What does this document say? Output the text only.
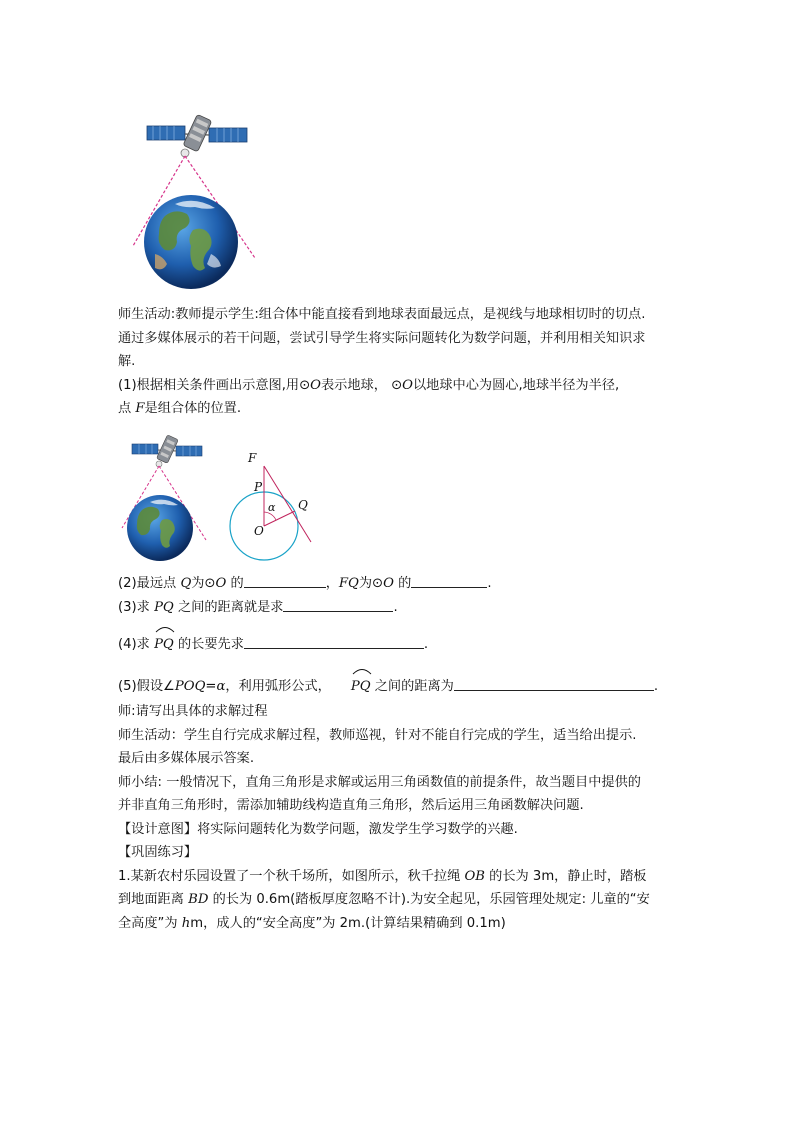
师生活动:教师提示学生:组合体中能直接看到地球表面最远点，是视线与地球相切时的切点.

通过多媒体展示的若干问题，尝试引导学生将实际问题转化为数学问题，并利用相关知识求

解.

(1)根据相关条件画出示意图,用⊙O表示地球， ⊙O以地球中心为圆心,地球半径为半径,

点 F是组合体的位置.

F
P
Q
α
O

(2)最远点 Q为⊙O 的	，FQ为⊙O 的	.

(3)求 PQ 之间的距离就是求	.

(4)求
PQ 的长要先求	.

(5)假设∠POQ=α，利用弧形公式， PQ 之间的距离为	.

师:请写出具体的求解过程

师生活动：学生自行完成求解过程，教师巡视，针对不能自行完成的学生，适当给出提示.

最后由多媒体展示答案.

师小结: 一般情况下，直角三角形是求解或运用三角函数值的前提条件，故当题目中提供的

并非直角三角形时，需添加辅助线构造直角三角形，然后运用三角函数解决问题.

【设计意图】将实际问题转化为数学问题，激发学生学习数学的兴趣.

【巩固练习】

1.某新农村乐园设置了一个秋千场所，如图所示，秋千拉绳 OB 的长为 3m，静止时，踏板

到地面距离 BD 的长为 0.6m(踏板厚度忽略不计).为安全起见，乐园管理处规定: 儿童的“安

全高度”为 hm，成人的“安全高度”为 2m.(计算结果精确到 0.1m)
